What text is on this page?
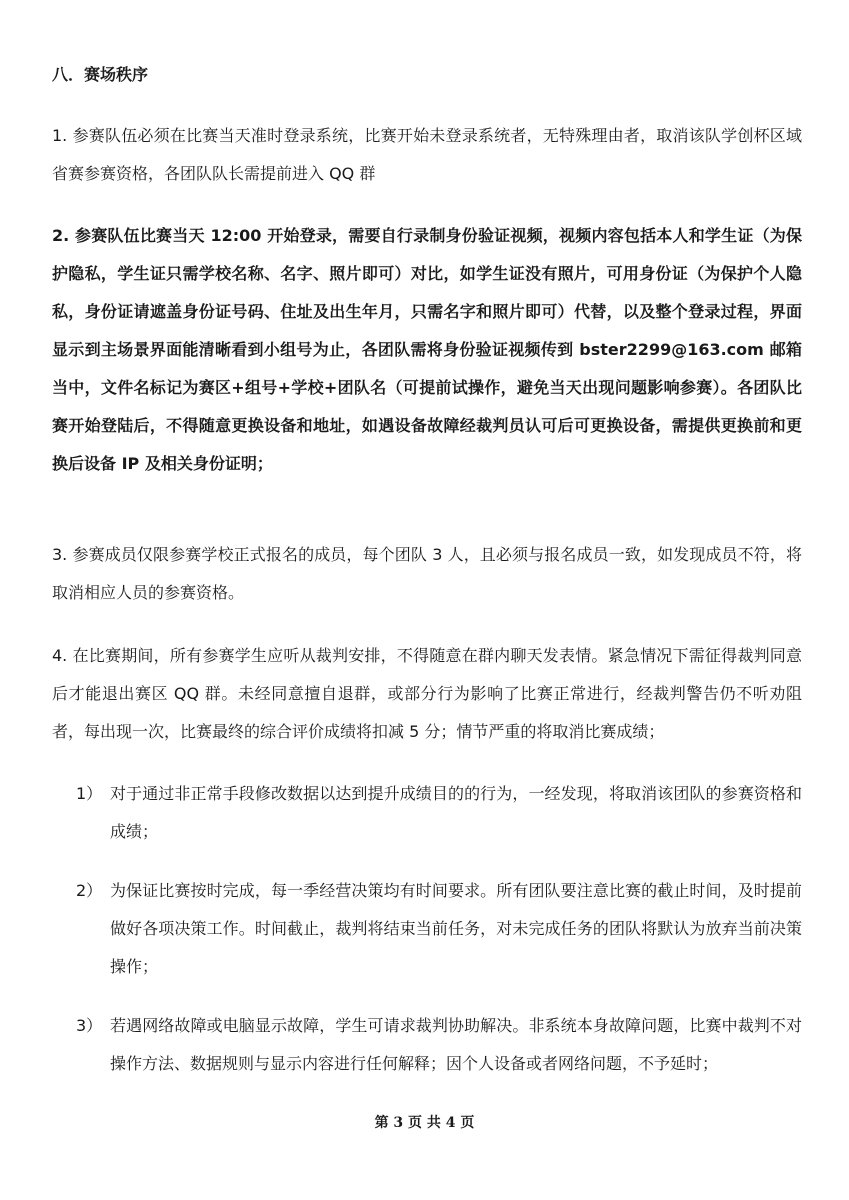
八．赛场秩序

1. 参赛队伍必须在比赛当天准时登录系统，比赛开始未登录系统者，无特殊理由者，取消该队学创杯区域省赛参赛资格，各团队队长需提前进入 QQ 群

2. 参赛队伍比赛当天 12:00 开始登录，需要自行录制身份验证视频，视频内容包括本人和学生证（为保护隐私，学生证只需学校名称、名字、照片即可）对比，如学生证没有照片，可用身份证（为保护个人隐私，身份证请遮盖身份证号码、住址及出生年月，只需名字和照片即可）代替，以及整个登录过程，界面显示到主场景界面能清晰看到小组号为止，各团队需将身份验证视频传到 bster2299@163.com 邮箱当中，文件名标记为赛区+组号+学校+团队名（可提前试操作，避免当天出现问题影响参赛）。各团队比赛开始登陆后，不得随意更换设备和地址，如遇设备故障经裁判员认可后可更换设备，需提供更换前和更换后设备 IP 及相关身份证明；

3. 参赛成员仅限参赛学校正式报名的成员，每个团队 3 人，且必须与报名成员一致，如发现成员不符，将取消相应人员的参赛资格。

4. 在比赛期间，所有参赛学生应听从裁判安排，不得随意在群内聊天发表情。紧急情况下需征得裁判同意后才能退出赛区 QQ 群。未经同意擅自退群，或部分行为影响了比赛正常进行，经裁判警告仍不听劝阻者，每出现一次，比赛最终的综合评价成绩将扣减 5 分；情节严重的将取消比赛成绩；

1） 对于通过非正常手段修改数据以达到提升成绩目的的行为，一经发现，将取消该团队的参赛资格和成绩；
2） 为保证比赛按时完成，每一季经营决策均有时间要求。所有团队要注意比赛的截止时间，及时提前做好各项决策工作。时间截止，裁判将结束当前任务，对未完成任务的团队将默认为放弃当前决策操作；
3） 若遇网络故障或电脑显示故障，学生可请求裁判协助解决。非系统本身故障问题，比赛中裁判不对操作方法、数据规则与显示内容进行任何解释；因个人设备或者网络问题，不予延时；

第 3 页 共 4 页
